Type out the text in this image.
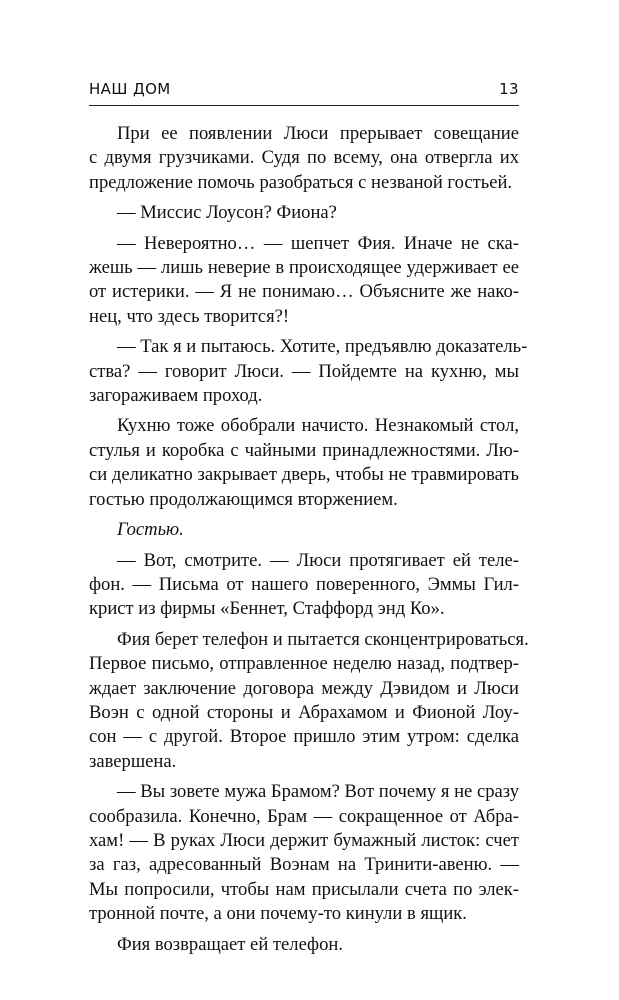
НАШ ДОМ	13
При ее появлении Люси прерывает совещание
с двумя грузчиками. Судя по всему, она отвергла их
предложение помочь разобраться с незваной гостьей.
— Миссис Лоусон? Фиона?
— Невероятно… — шепчет Фия. Иначе не ска-
жешь — лишь неверие в происходящее удерживает ее
от истерики. — Я не понимаю… Объясните же нако-
нец, что здесь творится?!
— Так я и пытаюсь. Хотите, предъявлю доказатель-
ства? — говорит Люси. — Пойдемте на кухню, мы
загораживаем проход.
Кухню тоже обобрали начисто. Незнакомый стол,
стулья и коробка с чайными принадлежностями. Лю-
си деликатно закрывает дверь, чтобы не травмировать
гостью продолжающимся вторжением.
Гостью.
— Вот, смотрите. — Люси протягивает ей теле-
фон. — Письма от нашего поверенного, Эммы Гил-
крист из фирмы «Беннет, Стаффорд энд Ко».
Фия берет телефон и пытается сконцентрироваться.
Первое письмо, отправленное неделю назад, подтвер-
ждает заключение договора между Дэвидом и Люси
Воэн с одной стороны и Абрахамом и Фионой Лоу-
сон — с другой. Второе пришло этим утром: сделка
завершена.
— Вы зовете мужа Брамом? Вот почему я не сразу
сообразила. Конечно, Брам — сокращенное от Абра-
хам! — В руках Люси держит бумажный листок: счет
за газ, адресованный Воэнам на Тринити-авеню. —
Мы попросили, чтобы нам присылали счета по элек-
тронной почте, а они почему-то кинули в ящик.
Фия возвращает ей телефон.
